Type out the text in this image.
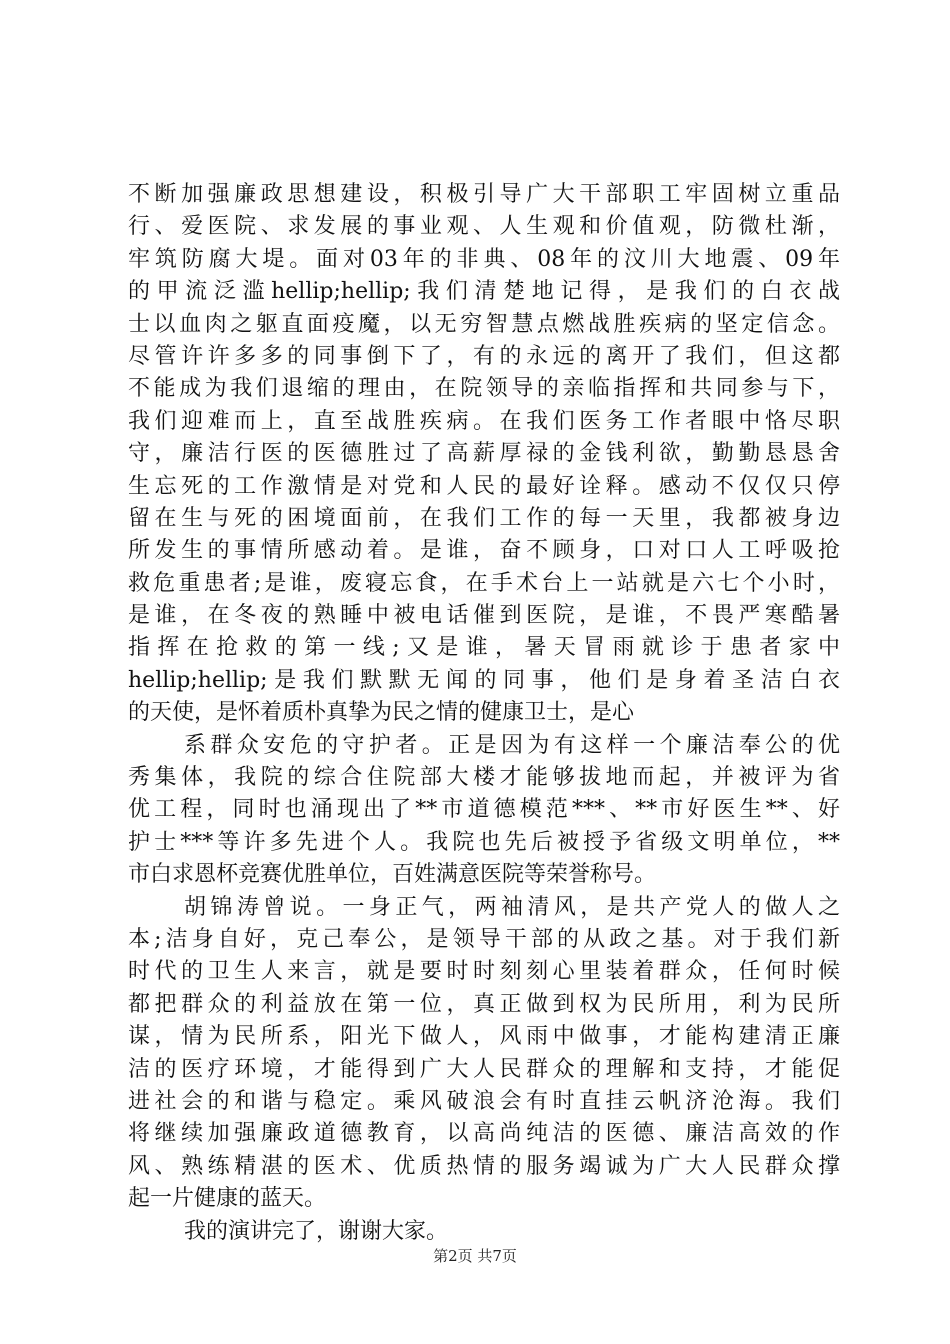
不断加强廉政思想建设，积极引导广大干部职工牢固树立重品
行、爱医院、求发展的事业观、人生观和价值观，防微杜渐，
牢筑防腐大堤。面对03年的非典、08年的汶川大地震、09年
的甲流泛滥hellip;hellip;我们清楚地记得，是我们的白衣战
士以血肉之躯直面疫魔，以无穷智慧点燃战胜疾病的坚定信念。
尽管许许多多的同事倒下了，有的永远的离开了我们，但这都
不能成为我们退缩的理由，在院领导的亲临指挥和共同参与下，
我们迎难而上，直至战胜疾病。在我们医务工作者眼中恪尽职
守，廉洁行医的医德胜过了高薪厚禄的金钱利欲，勤勤恳恳舍
生忘死的工作激情是对党和人民的最好诠释。感动不仅仅只停
留在生与死的困境面前，在我们工作的每一天里，我都被身边
所发生的事情所感动着。是谁，奋不顾身，口对口人工呼吸抢
救危重患者;是谁，废寝忘食，在手术台上一站就是六七个小时，
是谁，在冬夜的熟睡中被电话催到医院，是谁，不畏严寒酷暑
指挥在抢救的第一线;又是谁，暑天冒雨就诊于患者家中
hellip;hellip;是我们默默无闻的同事，他们是身着圣洁白衣
的天使，是怀着质朴真挚为民之情的健康卫士，是心
系群众安危的守护者。正是因为有这样一个廉洁奉公的优
秀集体，我院的综合住院部大楼才能够拔地而起，并被评为省
优工程，同时也涌现出了**市道德模范***、**市好医生**、好
护士***等许多先进个人。我院也先后被授予省级文明单位，**
市白求恩杯竞赛优胜单位，百姓满意医院等荣誉称号。
胡锦涛曾说。一身正气，两袖清风，是共产党人的做人之
本;洁身自好，克己奉公，是领导干部的从政之基。对于我们新
时代的卫生人来言，就是要时时刻刻心里装着群众，任何时候
都把群众的利益放在第一位，真正做到权为民所用，利为民所
谋，情为民所系，阳光下做人，风雨中做事，才能构建清正廉
洁的医疗环境，才能得到广大人民群众的理解和支持，才能促
进社会的和谐与稳定。乘风破浪会有时直挂云帆济沧海。我们
将继续加强廉政道德教育，以高尚纯洁的医德、廉洁高效的作
风、熟练精湛的医术、优质热情的服务竭诚为广大人民群众撑
起一片健康的蓝天。
我的演讲完了，谢谢大家。
第2页 共7页
